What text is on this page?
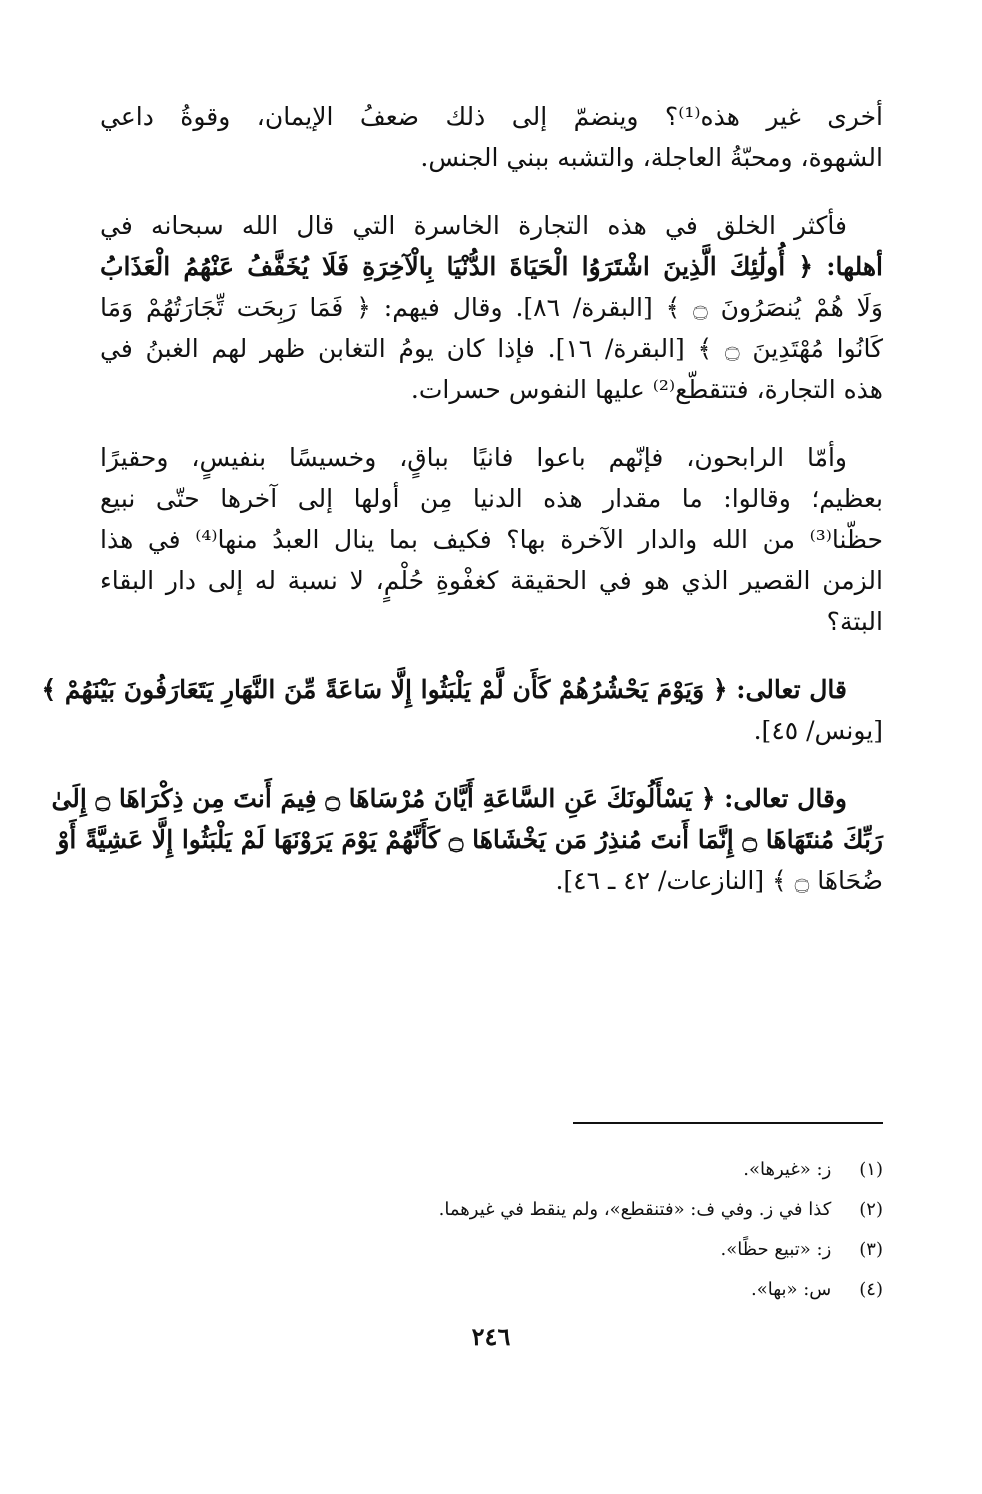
أخرى غير هذه⁽¹⁾؟ وينضمّ إلى ذلك ضعفُ الإيمان، وقوةُ داعي
الشهوة، ومحبّةُ العاجلة، والتشبه ببني الجنس.

فأكثر الخلق في هذه التجارة الخاسرة التي قال الله سبحانه في
أهلها: ﴿ أُولَٰئِكَ الَّذِينَ اشْتَرَوُا الْحَيَاةَ الدُّنْيَا بِالْآخِرَةِ فَلَا يُخَفَّفُ عَنْهُمُ الْعَذَابُ
وَلَا هُمْ يُنصَرُونَ ۝ ﴾ [البقرة/ ٨٦]. وقال فيهم: ﴿ فَمَا رَبِحَت تِّجَارَتُهُمْ وَمَا
كَانُوا مُهْتَدِينَ ۝ ﴾ [البقرة/ ١٦]. فإذا كان يومُ التغابن ظهر لهم الغبنُ في
هذه التجارة، فتتقطّع⁽²⁾ عليها النفوس حسرات.

وأمّا الرابحون، فإنّهم باعوا فانيًا بباقٍ، وخسيسًا بنفيسٍ، وحقيرًا
بعظيم؛ وقالوا: ما مقدار هذه الدنيا مِن أولها إلى آخرها حتّى نبيع
حظّنا⁽³⁾ من الله والدار الآخرة بها؟ فكيف بما ينال العبدُ منها⁽⁴⁾ في هذا
الزمن القصير الذي هو في الحقيقة كغفْوةِ حُلْمٍ، لا نسبة له إلى دار البقاء
البتة؟

قال تعالى: ﴿ وَيَوْمَ يَحْشُرُهُمْ كَأَن لَّمْ يَلْبَثُوا إِلَّا سَاعَةً مِّنَ النَّهَارِ يَتَعَارَفُونَ بَيْنَهُمْ ﴾
[يونس/ ٤٥].

وقال تعالى: ﴿ يَسْأَلُونَكَ عَنِ السَّاعَةِ أَيَّانَ مُرْسَاهَا ۝ فِيمَ أَنتَ مِن ذِكْرَاهَا ۝ إِلَىٰ
رَبِّكَ مُنتَهَاهَا ۝ إِنَّمَا أَنتَ مُنذِرُ مَن يَخْشَاهَا ۝ كَأَنَّهُمْ يَوْمَ يَرَوْنَهَا لَمْ يَلْبَثُوا إِلَّا عَشِيَّةً أَوْ
ضُحَاهَا ۝ ﴾ [النازعات/ ٤٢ ـ ٤٦].

(١) ز: «غيرها».
(٢) كذا في ز. وفي ف: «فتنقطع»، ولم ينقط في غيرهما.
(٣) ز: «تبيع حظًا».
(٤) س: «بها».
٢٤٦
